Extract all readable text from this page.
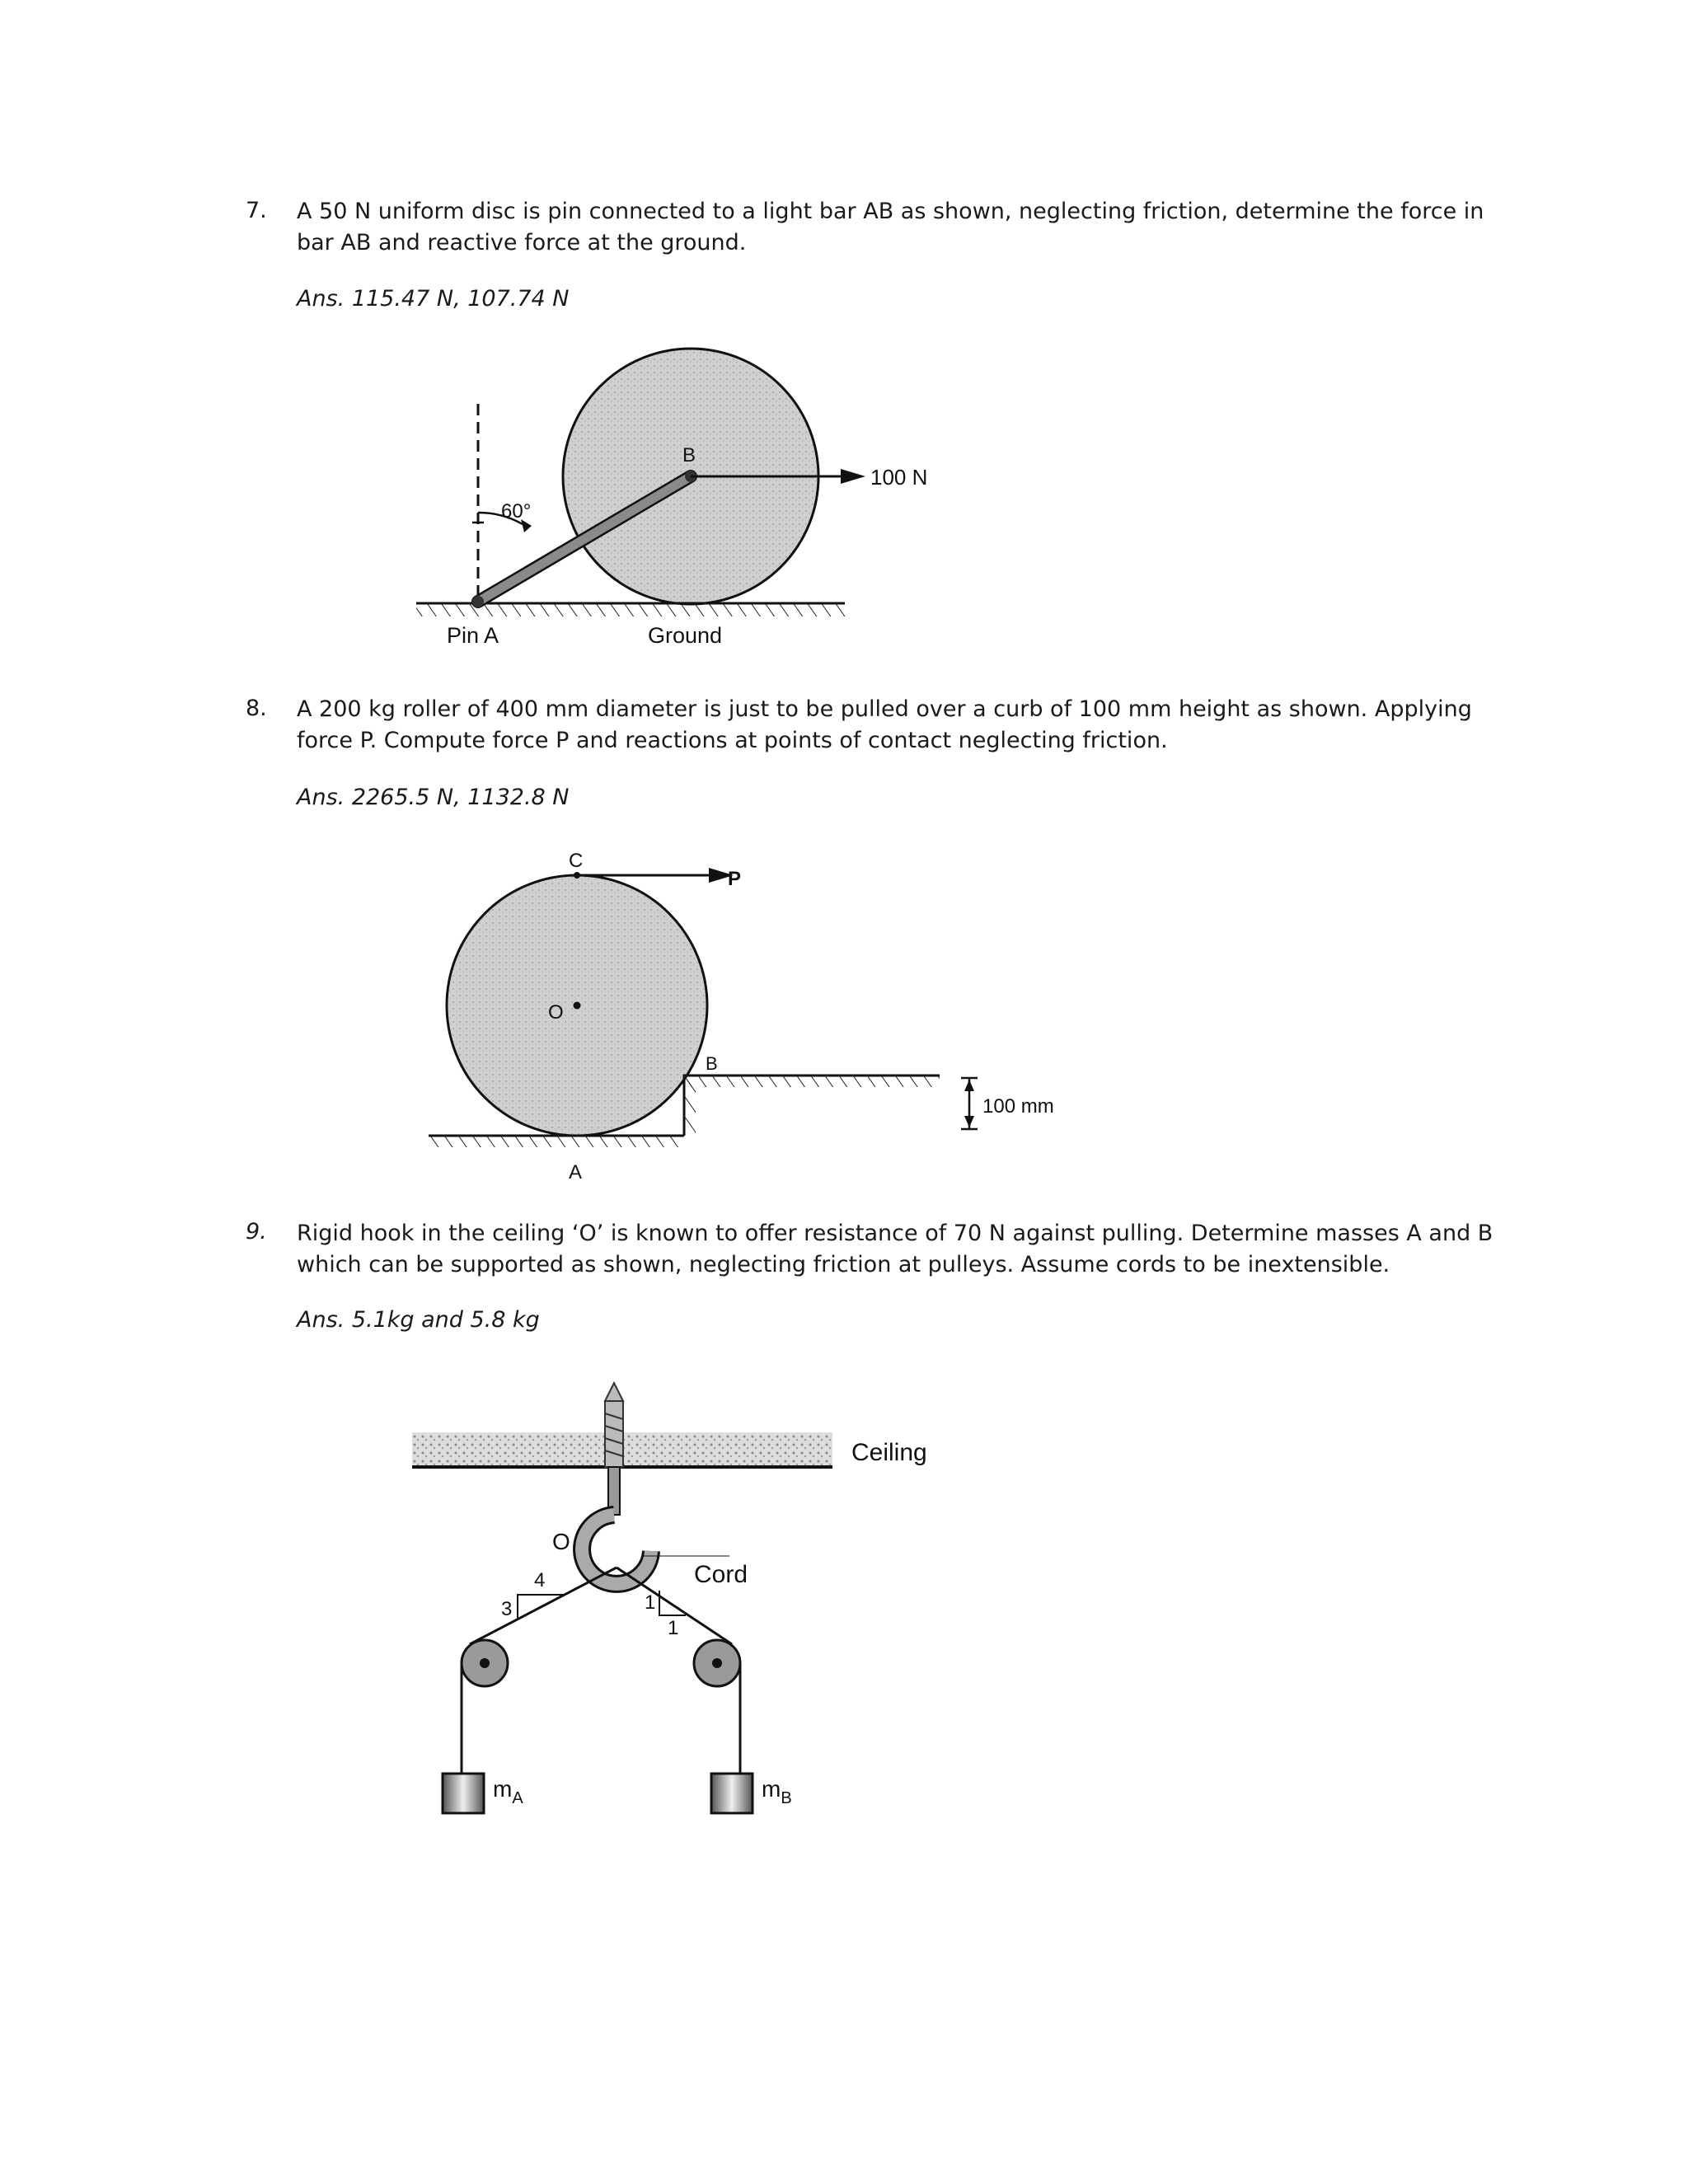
7. A 50 N uniform disc is pin connected to a light bar AB as shown, neglecting friction, determine the force in bar AB and reactive force at the ground.
Ans. 115.47 N, 107.74 N
B
100 N
60°
Pin A	Ground
8. A 200 kg roller of 400 mm diameter is just to be pulled over a curb of 100 mm height as shown. Applying force P. Compute force P and reactions at points of contact neglecting friction.
Ans. 2265.5 N, 1132.8 N
C
P
O
B
A
100 mm
9. Rigid hook in the ceiling ‘O’ is known to offer resistance of 70 N against pulling. Determine masses A and B which can be supported as shown, neglecting friction at pulleys. Assume cords to be inextensible.
Ans. 5.1kg and 5.8 kg
Ceiling
O
Cord
4
3	1
1
$m_A$	$m_B$
